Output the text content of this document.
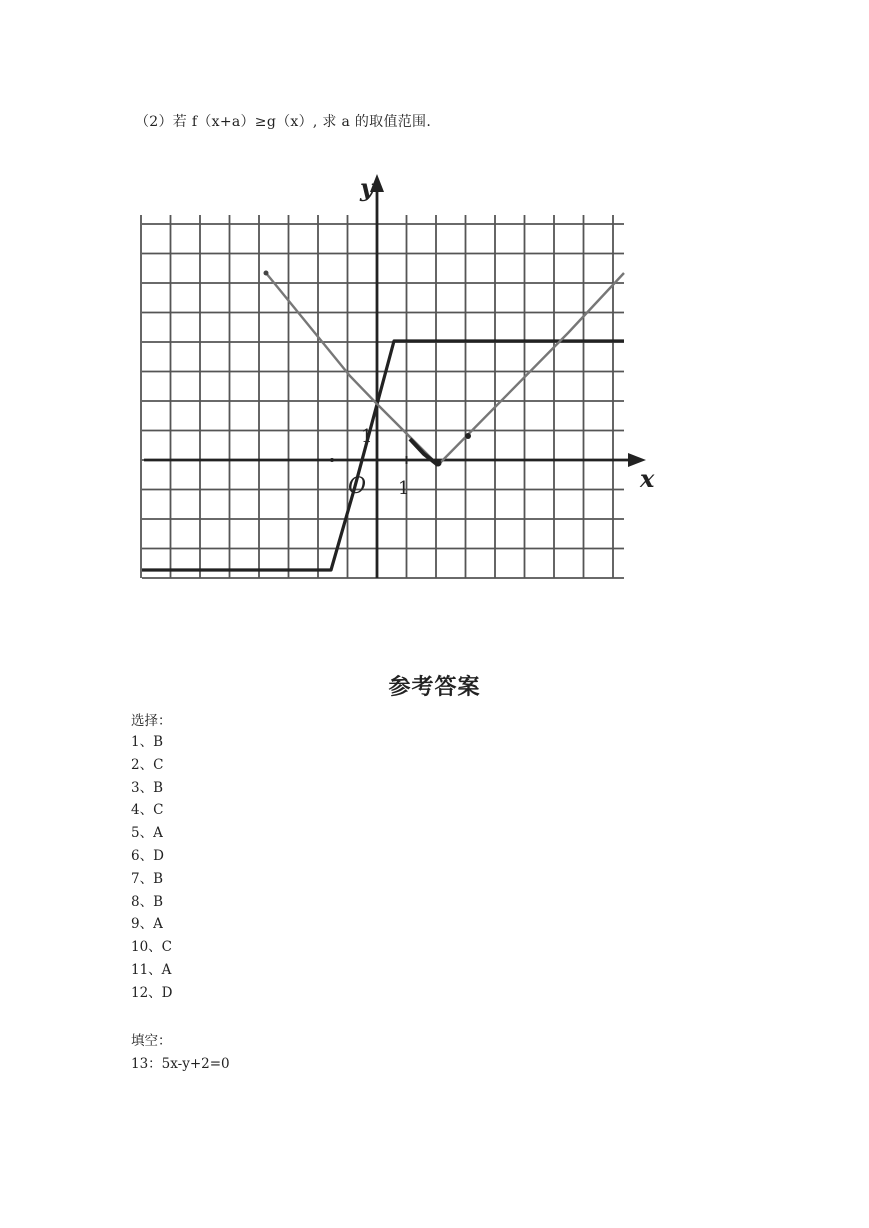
（2）若 f（x+a）≥g（x）, 求 a 的取值范围.
x
y
O 1
1
参考答案
选择：
1、B
2、C
3、B
4、C
5、A
6、D
7、B
8、B
9、A
10、C
11、A
12、D
填空：
13：5x-y+2=0
